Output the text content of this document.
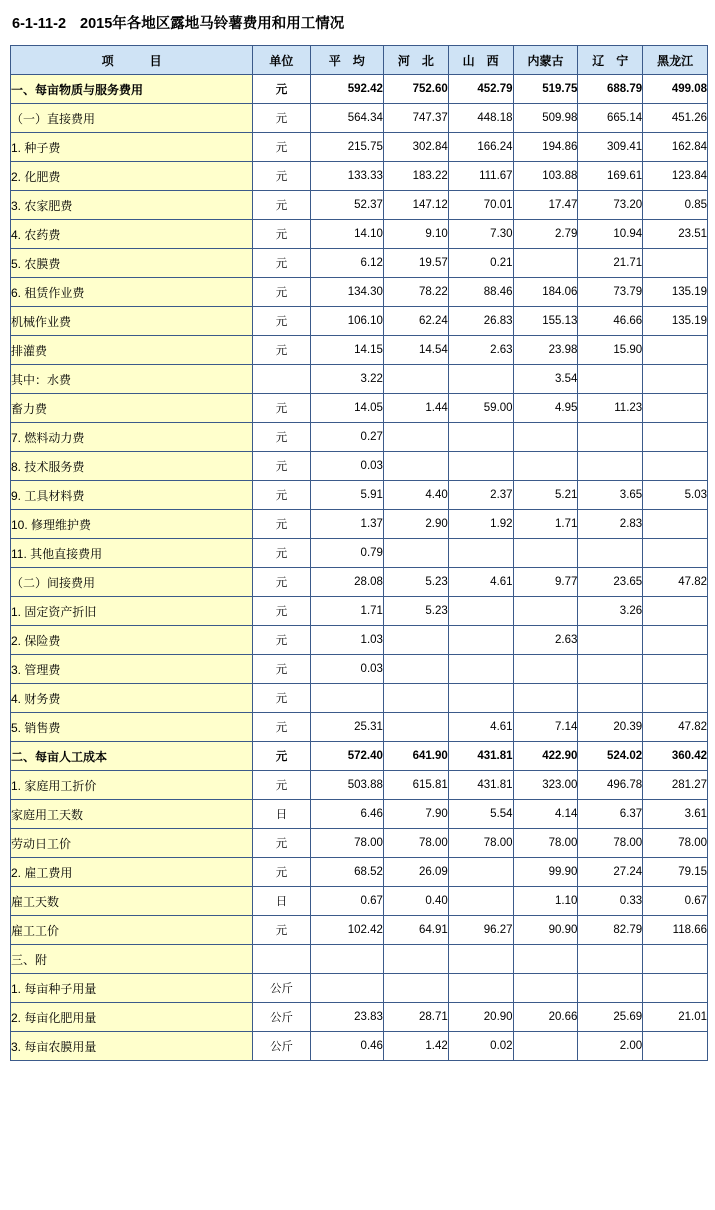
6-1-11-2 2015年各地区露地马铃薯费用和用工情况
项　　　目	单位	平　均	河　北	山　西	内蒙古	辽　宁	黑龙江
一、每亩物质与服务费用	元	592.42	752.60	452.79	519.75	688.79	499.08
（一）直接费用	元	564.34	747.37	448.18	509.98	665.14	451.26
1. 种子费	元	215.75	302.84	166.24	194.86	309.41	162.84
2. 化肥费	元	133.33	183.22	111.67	103.88	169.61	123.84
3. 农家肥费	元	52.37	147.12	70.01	17.47	73.20	0.85
4. 农药费	元	14.10	9.10	7.30	2.79	10.94	23.51
5. 农膜费	元	6.12	19.57	0.21		21.71	
6. 租赁作业费	元	134.30	78.22	88.46	184.06	73.79	135.19
机械作业费	元	106.10	62.24	26.83	155.13	46.66	135.19
排灌费	元	14.15	14.54	2.63	23.98	15.90	
其中：水费		3.22			3.54		
畜力费	元	14.05	1.44	59.00	4.95	11.23	
7. 燃料动力费	元	0.27					
8. 技术服务费	元	0.03					
9. 工具材料费	元	5.91	4.40	2.37	5.21	3.65	5.03
10. 修理维护费	元	1.37	2.90	1.92	1.71	2.83	
11. 其他直接费用	元	0.79					
（二）间接费用	元	28.08	5.23	4.61	9.77	23.65	47.82
1. 固定资产折旧	元	1.71	5.23			3.26	
2. 保险费	元	1.03			2.63		
3. 管理费	元	0.03					
4. 财务费	元						
5. 销售费	元	25.31		4.61	7.14	20.39	47.82
二、每亩人工成本	元	572.40	641.90	431.81	422.90	524.02	360.42
1. 家庭用工折价	元	503.88	615.81	431.81	323.00	496.78	281.27
家庭用工天数	日	6.46	7.90	5.54	4.14	6.37	3.61
劳动日工价	元	78.00	78.00	78.00	78.00	78.00	78.00
2. 雇工费用	元	68.52	26.09		99.90	27.24	79.15
雇工天数	日	0.67	0.40		1.10	0.33	0.67
雇工工价	元	102.42	64.91	96.27	90.90	82.79	118.66
三、附							
1. 每亩种子用量	公斤						
2. 每亩化肥用量	公斤	23.83	28.71	20.90	20.66	25.69	21.01
3. 每亩农膜用量	公斤	0.46	1.42	0.02		2.00	
